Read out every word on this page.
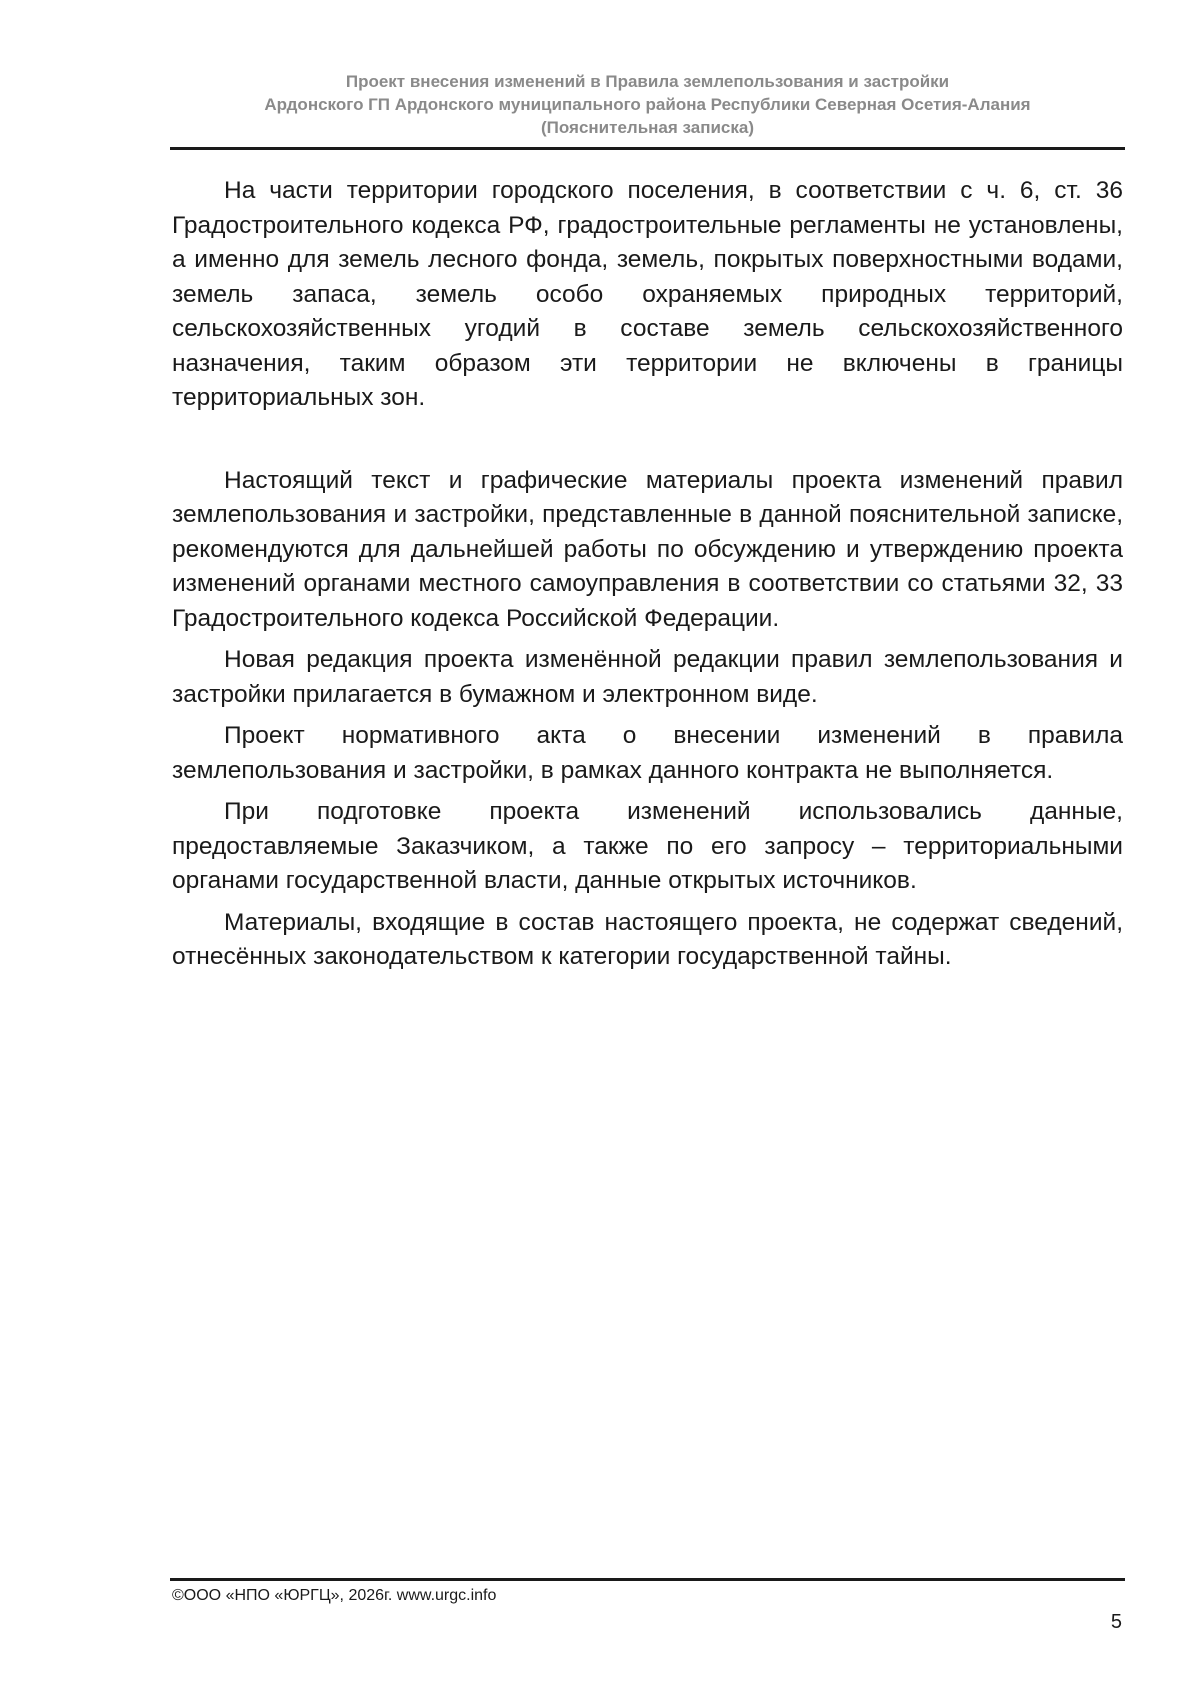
Проект внесения изменений в Правила землепользования и застройки
Ардонского ГП Ардонского муниципального района Республики Северная Осетия-Алания
(Пояснительная записка)

На части территории городского поселения, в соответствии с ч. 6, ст. 36 Градостроительного кодекса РФ, градостроительные регламенты не установлены, а именно для земель лесного фонда, земель, покрытых поверхностными водами, земель запаса, земель особо охраняемых природных территорий, сельскохозяйственных угодий в составе земель сельскохозяйственного назначения, таким образом эти территории не включены в границы территориальных зон.

Настоящий текст и графические материалы проекта изменений правил землепользования и застройки, представленные в данной пояснительной записке, рекомендуются для дальнейшей работы по обсуждению и утверждению проекта изменений органами местного самоуправления в соответствии со статьями 32, 33 Градостроительного кодекса Российской Федерации.

Новая редакция проекта изменённой редакции правил землепользования и застройки прилагается в бумажном и электронном виде.

Проект нормативного акта о внесении изменений в правила землепользования и застройки, в рамках данного контракта не выполняется.

При подготовке проекта изменений использовались данные, предоставляемые Заказчиком, а также по его запросу – территориальными органами государственной власти, данные открытых источников.

Материалы, входящие в состав настоящего проекта, не содержат сведений, отнесённых законодательством к категории государственной тайны.

©ООО «НПО «ЮРГЦ», 2026г. www.urgc.info
5
